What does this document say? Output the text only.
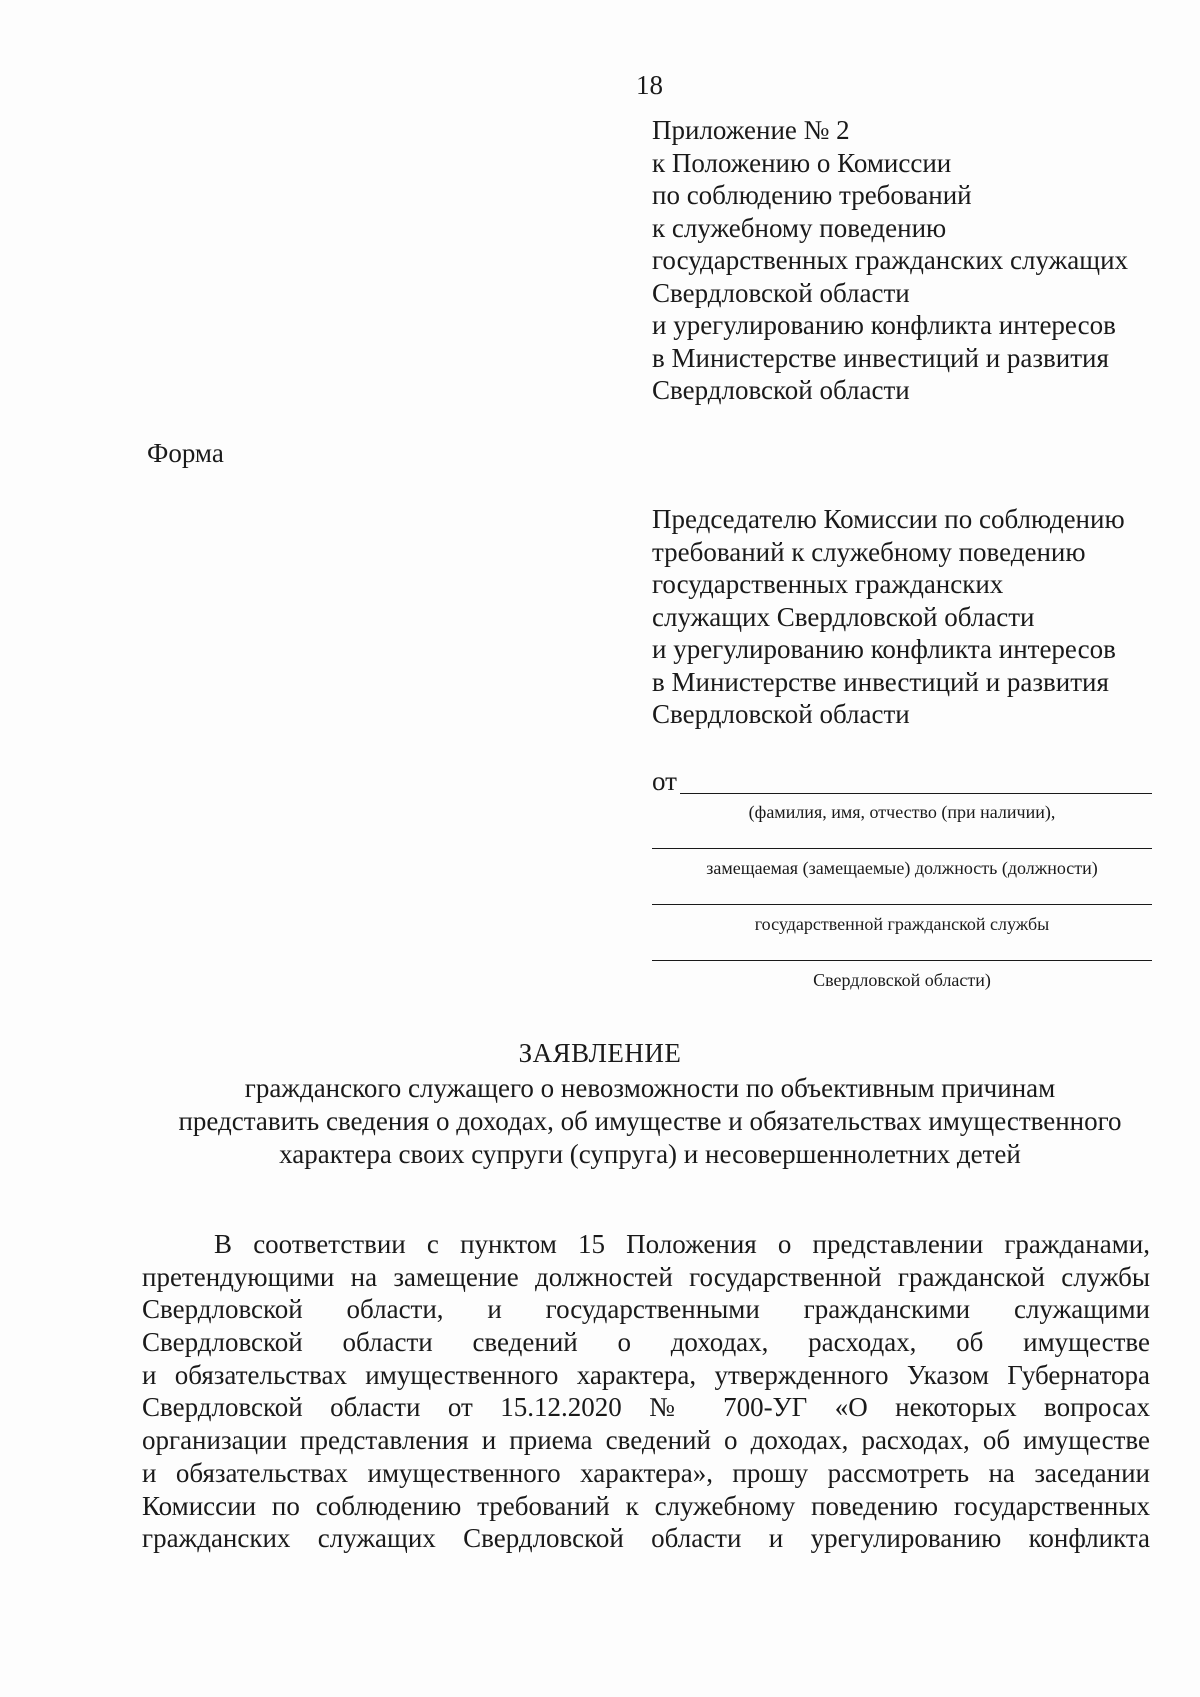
18
Приложение № 2
к Положению о Комиссии
по соблюдению требований
к служебному поведению
государственных гражданских служащих
Свердловской области
и урегулированию конфликта интересов
в Министерстве инвестиций и развития
Свердловской области
Форма
Председателю Комиссии по соблюдению
требований к служебному поведению
государственных гражданских
служащих Свердловской области
и урегулированию конфликта интересов
в Министерстве инвестиций и развития
Свердловской области
от
(фамилия, имя, отчество (при наличии),
замещаемая (замещаемые) должность (должности)
государственной гражданской службы
Свердловской области)
ЗАЯВЛЕНИЕ
гражданского служащего о невозможности по объективным причинам
представить сведения о доходах, об имуществе и обязательствах имущественного
характера своих супруги (супруга) и несовершеннолетних детей
В соответствии с пунктом 15 Положения о представлении гражданами,
претендующими на замещение должностей государственной гражданской службы
Свердловской области, и государственными гражданскими служащими
Свердловской области сведений о доходах, расходах, об имуществе
и обязательствах имущественного характера, утвержденного Указом Губернатора
Свердловской области от 15.12.2020 № 700-УГ «О некоторых вопросах
организации представления и приема сведений о доходах, расходах, об имуществе
и обязательствах имущественного характера», прошу рассмотреть на заседании
Комиссии по соблюдению требований к служебному поведению государственных
гражданских служащих Свердловской области и урегулированию конфликта
